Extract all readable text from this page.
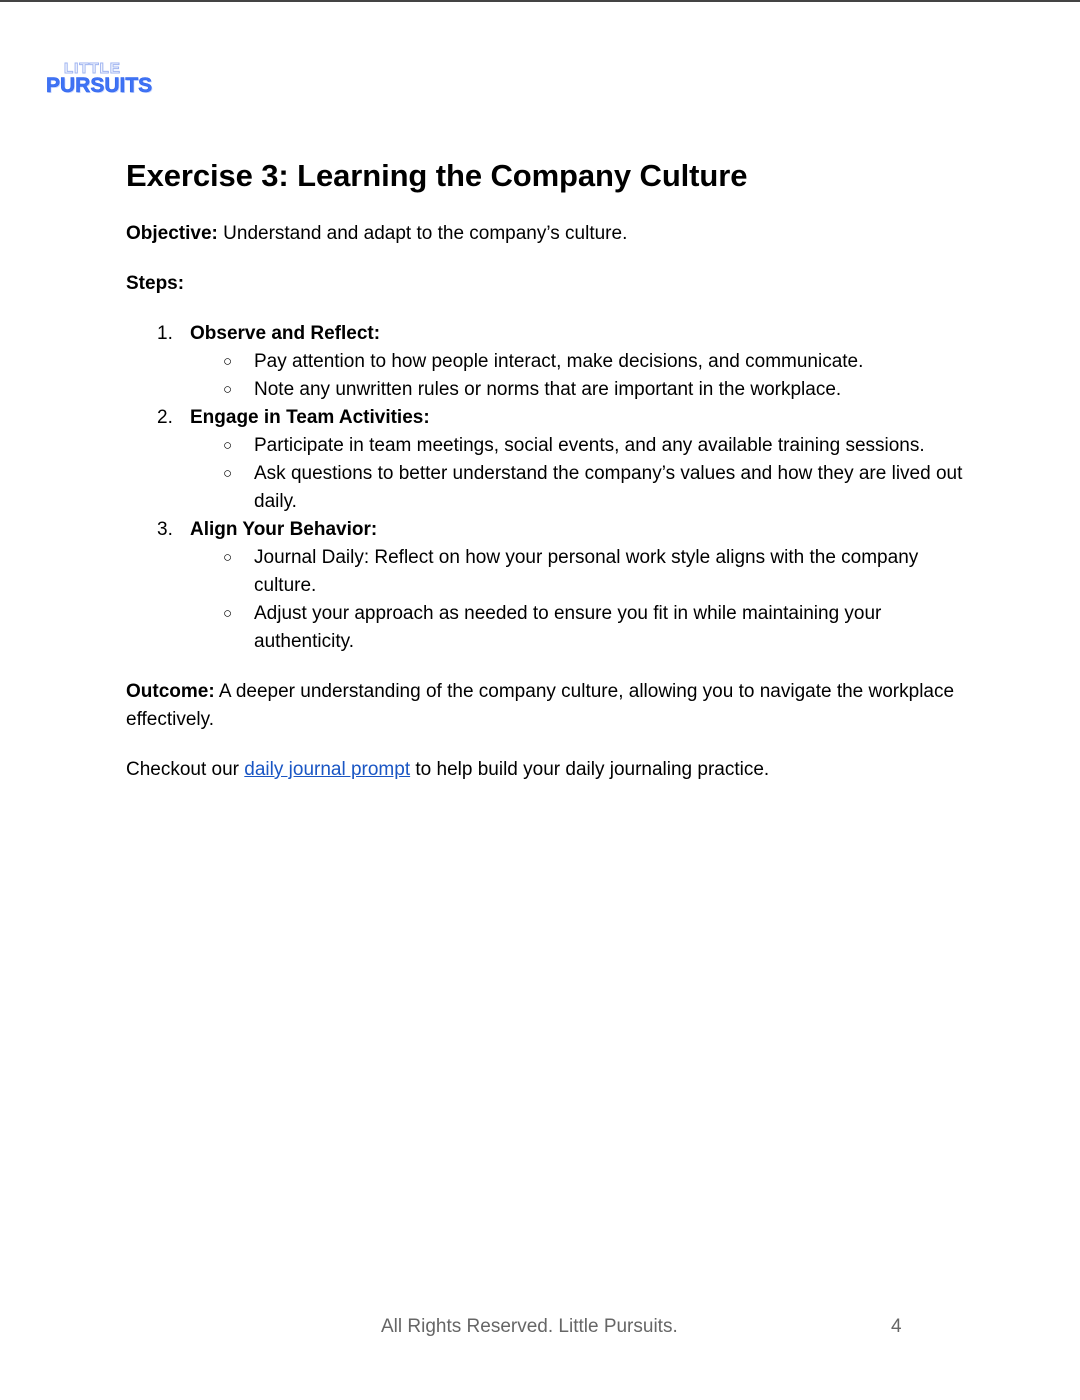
LITTLE
PURSUITS
Exercise 3: Learning the Company Culture

Objective: Understand and adapt to the company’s culture.

Steps:

1. Observe and Reflect:
○ Pay attention to how people interact, make decisions, and communicate.
○ Note any unwritten rules or norms that are important in the workplace.
2. Engage in Team Activities:
○ Participate in team meetings, social events, and any available training sessions.
○ Ask questions to better understand the company’s values and how they are lived out daily.
3. Align Your Behavior:
○ Journal Daily: Reflect on how your personal work style aligns with the company culture.
○ Adjust your approach as needed to ensure you fit in while maintaining your authenticity.

Outcome: A deeper understanding of the company culture, allowing you to navigate the workplace effectively.

Checkout our daily journal prompt to help build your daily journaling practice.

All Rights Reserved. Little Pursuits.	4
